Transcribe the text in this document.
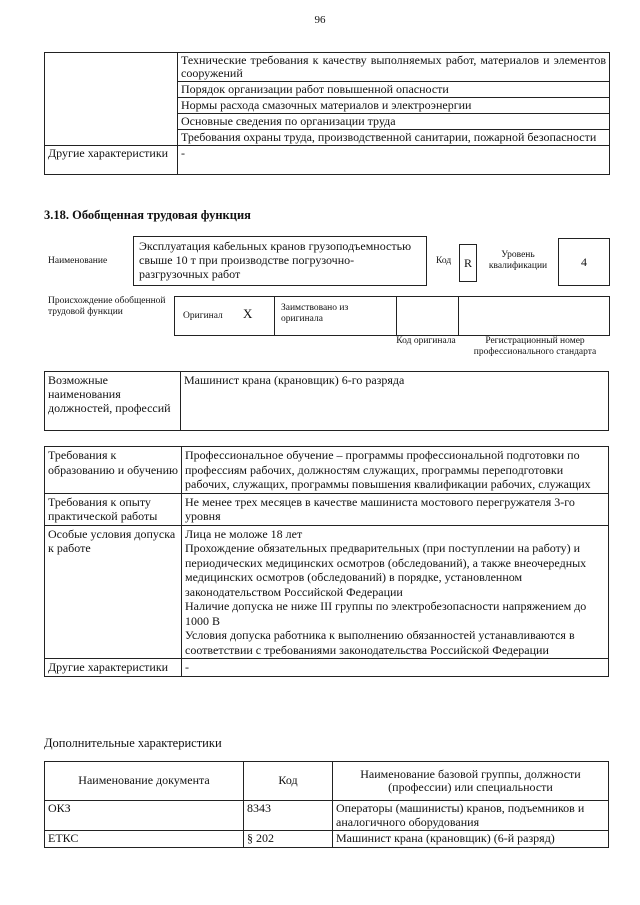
96
	Технические требования к качеству выполняемых работ, материалов и элементов сооружений
	Порядок организации работ повышенной опасности
	Нормы расхода смазочных материалов и электроэнергии
	Основные сведения по организации труда
	Требования охраны труда, производственной санитарии, пожарной безопасности
Другие характеристики	-
3.18. Обобщенная трудовая функция
Наименование
Эксплуатация кабельных кранов грузоподъемностью свыше 10 т при производстве погрузочно-разгрузочных работ
Код	R
Уровень квалификации	4
Происхождение обобщенной трудовой функции	Оригинал X	Заимствовано из оригинала
Код оригинала	Регистрационный номер профессионального стандарта
Возможные наименования должностей, профессий	Машинист крана (крановщик) 6-го разряда
Требования к образованию и обучению	Профессиональное обучение – программы профессиональной подготовки по профессиям рабочих, должностям служащих, программы переподготовки рабочих, служащих, программы повышения квалификации рабочих, служащих
Требования к опыту практической работы	Не менее трех месяцев в качестве машиниста мостового перегружателя 3-го уровня
Особые условия допуска к работе	Лица не моложе 18 лет
Прохождение обязательных предварительных (при поступлении на работу) и периодических медицинских осмотров (обследований), а также внеочередных медицинских осмотров (обследований) в порядке, установленном законодательством Российской Федерации
Наличие допуска не ниже III группы по электробезопасности напряжением до 1000 В
Условия допуска работника к выполнению обязанностей устанавливаются в соответствии с требованиями законодательства Российской Федерации

Другие характеристики	-
Дополнительные характеристики
Наименование документа	Код	Наименование базовой группы, должности (профессии) или специальности
ОКЗ	8343	Операторы (машинисты) кранов, подъемников и аналогичного оборудования
ЕТКС	§ 202	Машинист крана (крановщик) (6-й разряд)
